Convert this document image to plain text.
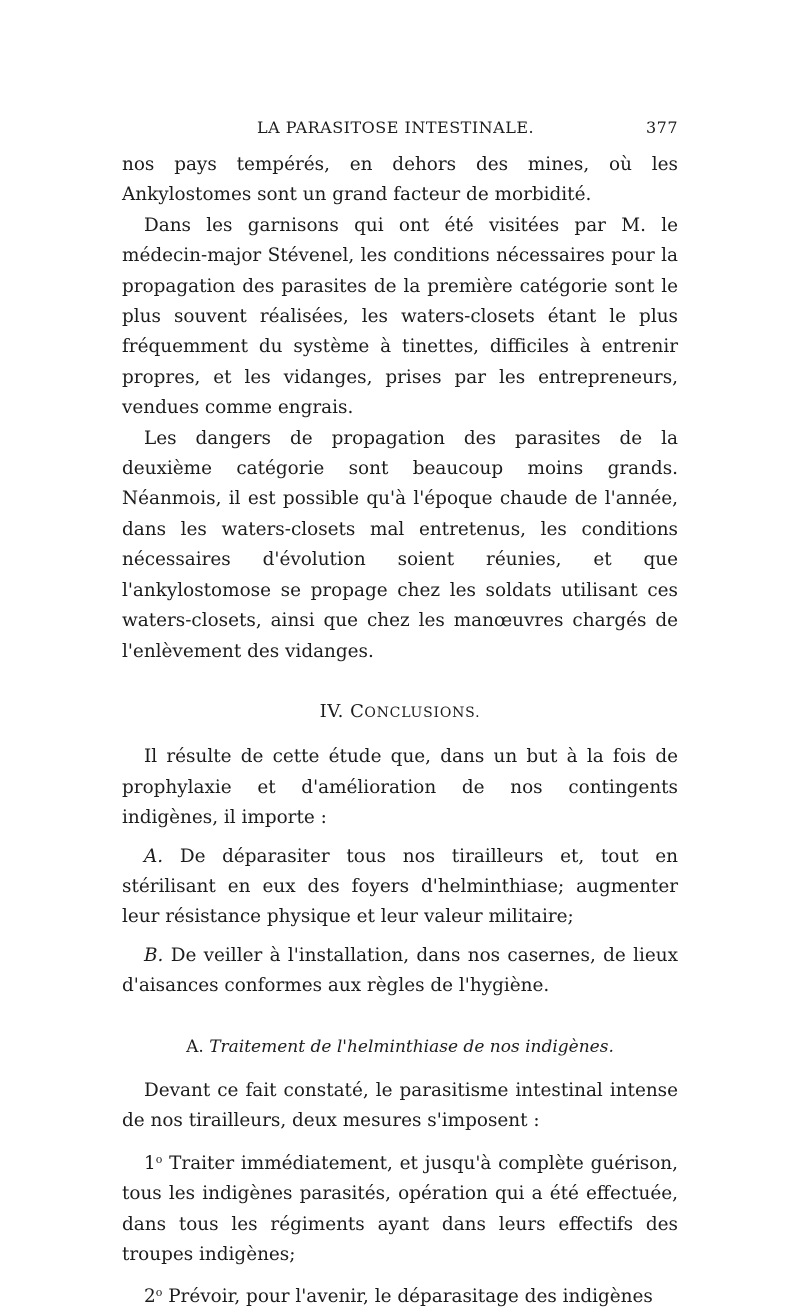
LA PARASITOSE INTESTINALE.	377

nos pays tempérés, en dehors des mines, où les Ankylostomes sont un grand facteur de morbidité.

Dans les garnisons qui ont été visitées par M. le médecin-major Stévenel, les conditions nécessaires pour la propagation des parasites de la première catégorie sont le plus souvent réalisées, les waters-closets étant le plus fréquemment du système à tinettes, difficiles à entrenir propres, et les vidanges, prises par les entrepreneurs, vendues comme engrais.

Les dangers de propagation des parasites de la deuxième catégorie sont beaucoup moins grands. Néanmois, il est possible qu'à l'époque chaude de l'année, dans les waters-closets mal entretenus, les conditions nécessaires d'évolution soient réunies, et que l'ankylostomose se propage chez les soldats utilisant ces waters-closets, ainsi que chez les manœuvres chargés de l'enlèvement des vidanges.

IV. CONCLUSIONS.

Il résulte de cette étude que, dans un but à la fois de prophylaxie et d'amélioration de nos contingents indigènes, il importe :

A. De déparasiter tous nos tirailleurs et, tout en stérilisant en eux des foyers d'helminthiase; augmenter leur résistance physique et leur valeur militaire;

B. De veiller à l'installation, dans nos casernes, de lieux d'aisances conformes aux règles de l'hygiène.

A. Traitement de l'helminthiase de nos indigènes.

Devant ce fait constaté, le parasitisme intestinal intense de nos tirailleurs, deux mesures s'imposent :

1$^o$ Traiter immédiatement, et jusqu'à complète guérison, tous les indigènes parasités, opération qui a été effectuée, dans tous les régiments ayant dans leurs effectifs des troupes indigènes;

2$^o$ Prévoir, pour l'avenir, le déparasitage des indigènes
